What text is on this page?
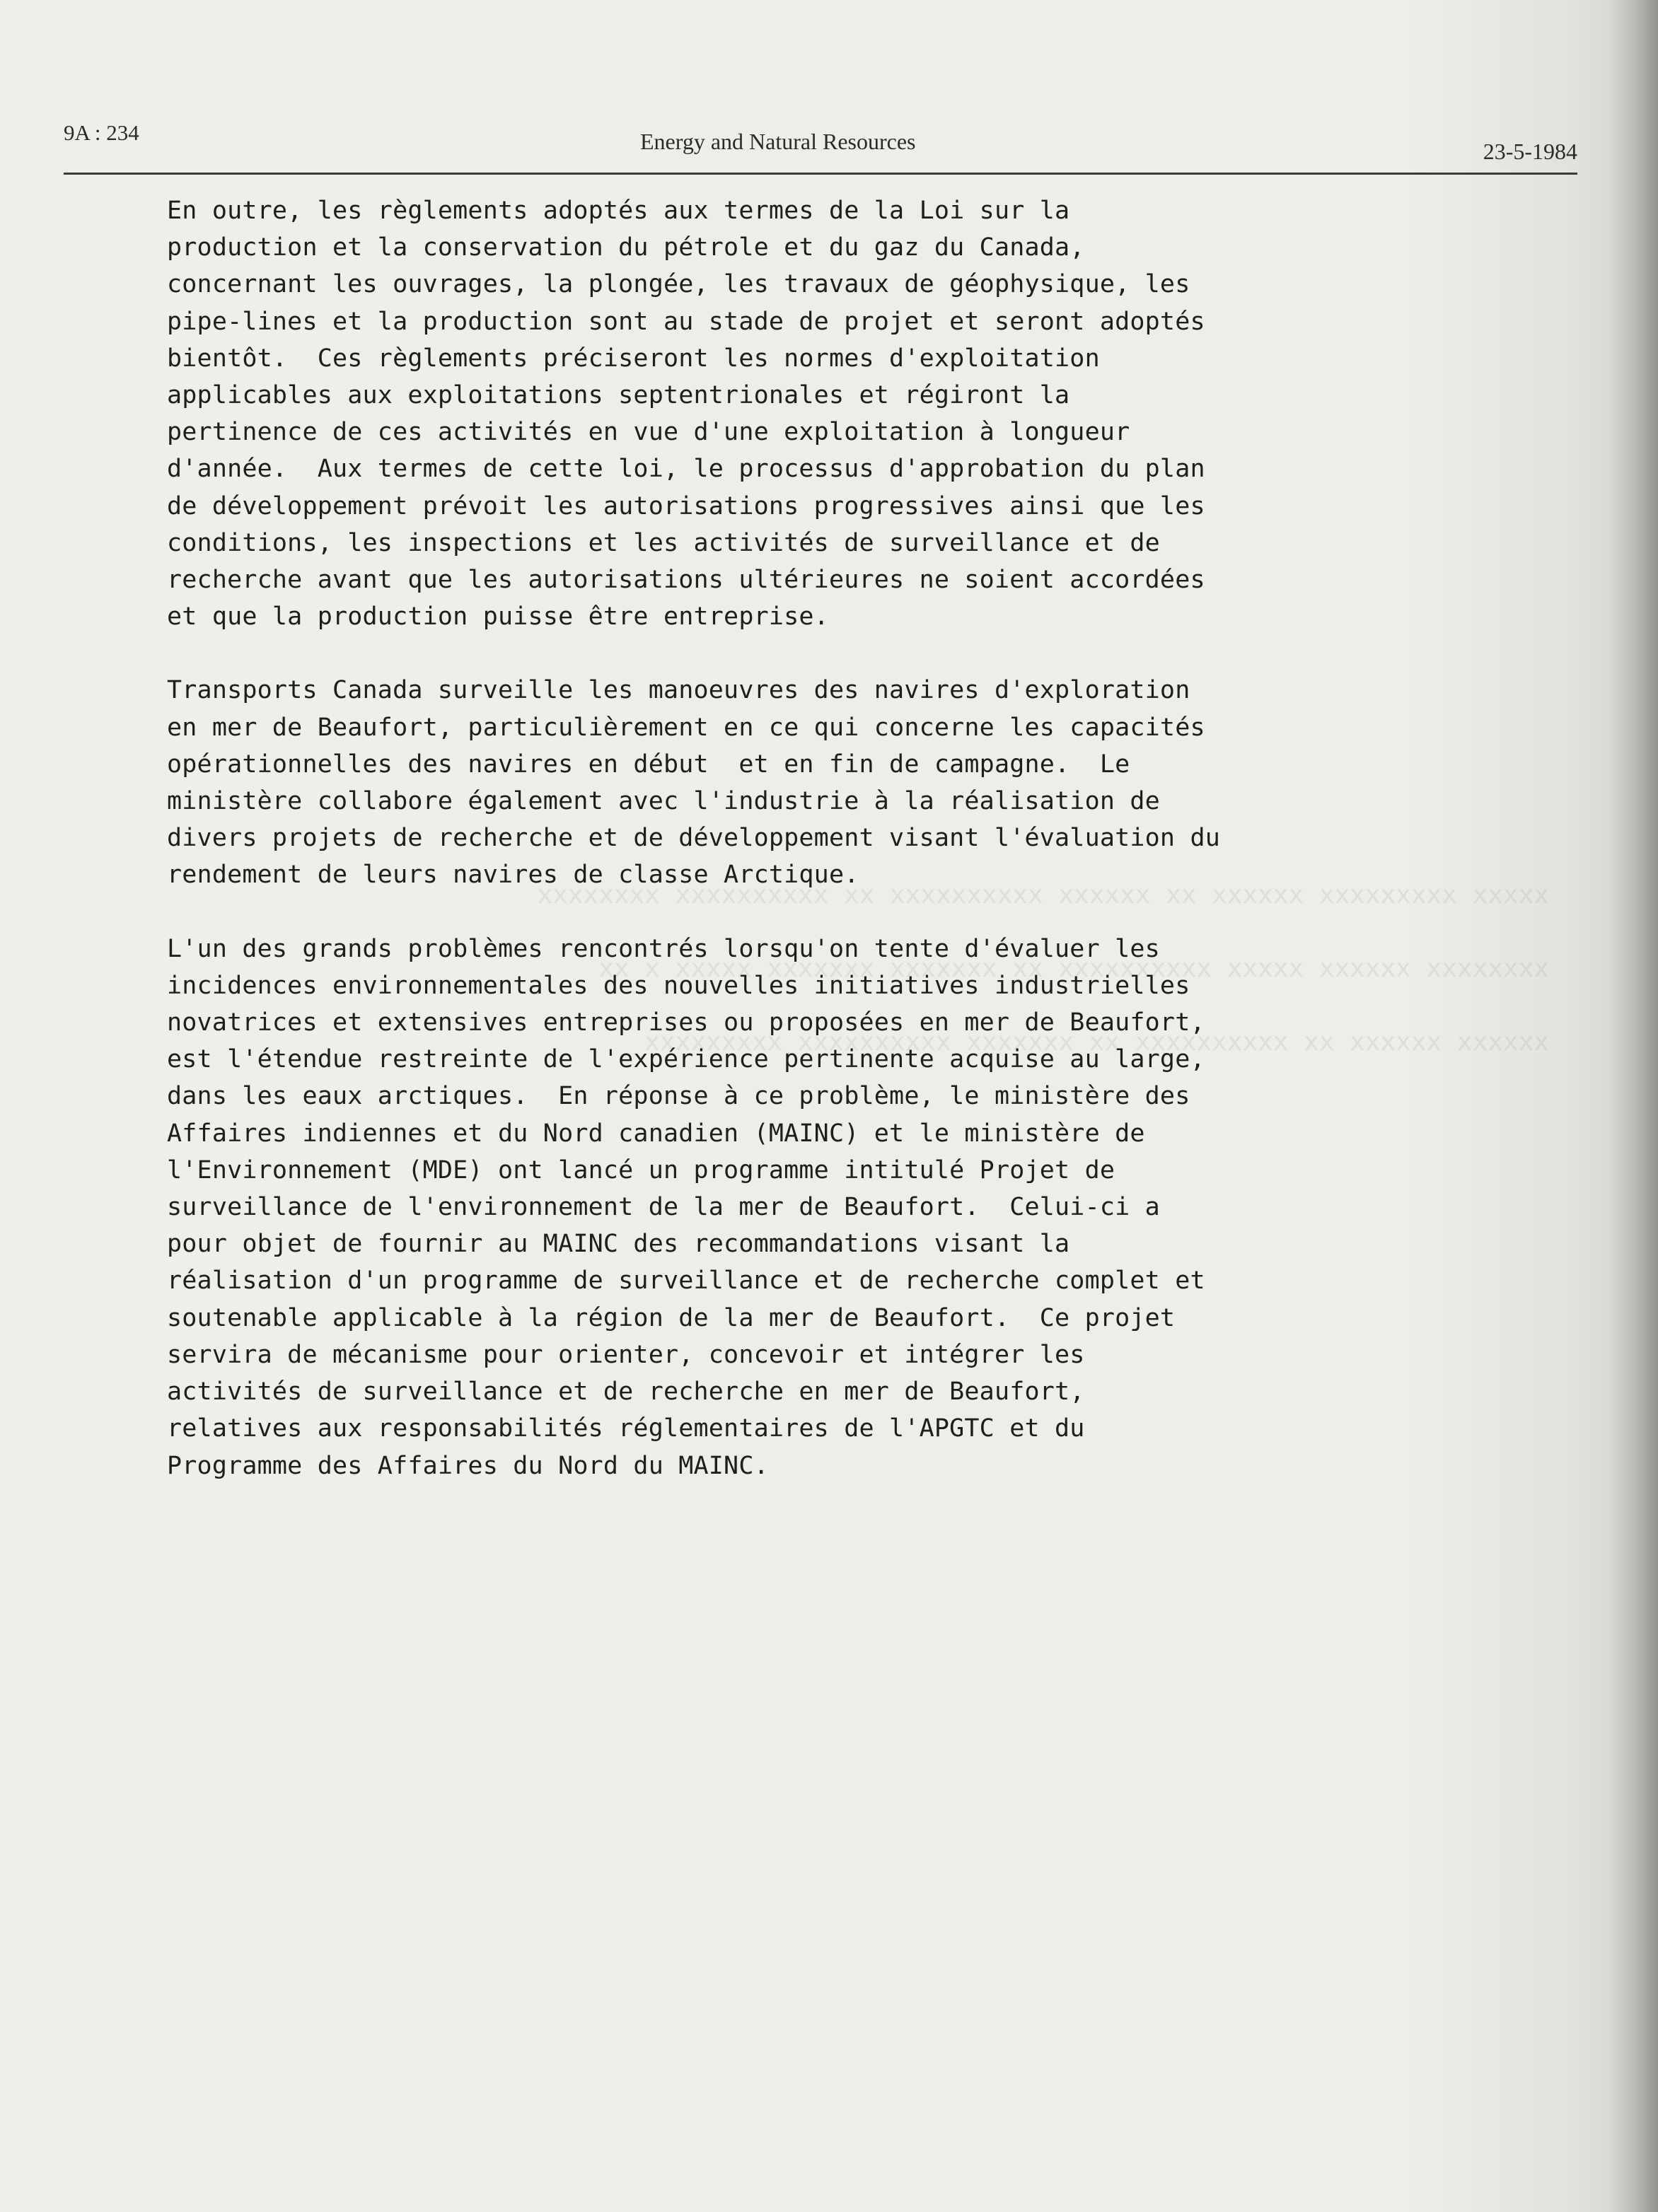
xxxxx xxxxxxxxx xxxxxx xx xxxxxx xxxxxxxxxx xx xxxxxxxxxx xxxxxxxx

xxxxxxxx xxxxxx xxxxx xxxxxxxxxx xx xxxxxxx xxxxxxx xxxxx x xx

xxxxxx xxxxxx xx xxxxxxxxxx xx xxxxxxx xxxxxxxxxx xxxxxxxxx

9A : 234	Energy and Natural Resources	23-5-1984
En outre, les règlements adoptés aux termes de la Loi sur la
production et la conservation du pétrole et du gaz du Canada,
concernant les ouvrages, la plongée, les travaux de géophysique, les
pipe-lines et la production sont au stade de projet et seront adoptés
bientôt.  Ces règlements préciseront les normes d'exploitation
applicables aux exploitations septentrionales et régiront la
pertinence de ces activités en vue d'une exploitation à longueur
d'année.  Aux termes de cette loi, le processus d'approbation du plan
de développement prévoit les autorisations progressives ainsi que les
conditions, les inspections et les activités de surveillance et de
recherche avant que les autorisations ultérieures ne soient accordées
et que la production puisse être entreprise.
Transports Canada surveille les manoeuvres des navires d'exploration
en mer de Beaufort, particulièrement en ce qui concerne les capacités
opérationnelles des navires en début  et en fin de campagne.  Le
ministère collabore également avec l'industrie à la réalisation de
divers projets de recherche et de développement visant l'évaluation du
rendement de leurs navires de classe Arctique.
L'un des grands problèmes rencontrés lorsqu'on tente d'évaluer les
incidences environnementales des nouvelles initiatives industrielles
novatrices et extensives entreprises ou proposées en mer de Beaufort,
est l'étendue restreinte de l'expérience pertinente acquise au large,
dans les eaux arctiques.  En réponse à ce problème, le ministère des
Affaires indiennes et du Nord canadien (MAINC) et le ministère de
l'Environnement (MDE) ont lancé un programme intitulé Projet de
surveillance de l'environnement de la mer de Beaufort.  Celui-ci a
pour objet de fournir au MAINC des recommandations visant la
réalisation d'un programme de surveillance et de recherche complet et
soutenable applicable à la région de la mer de Beaufort.  Ce projet
servira de mécanisme pour orienter, concevoir et intégrer les
activités de surveillance et de recherche en mer de Beaufort,
relatives aux responsabilités réglementaires de l'APGTC et du
Programme des Affaires du Nord du MAINC.
